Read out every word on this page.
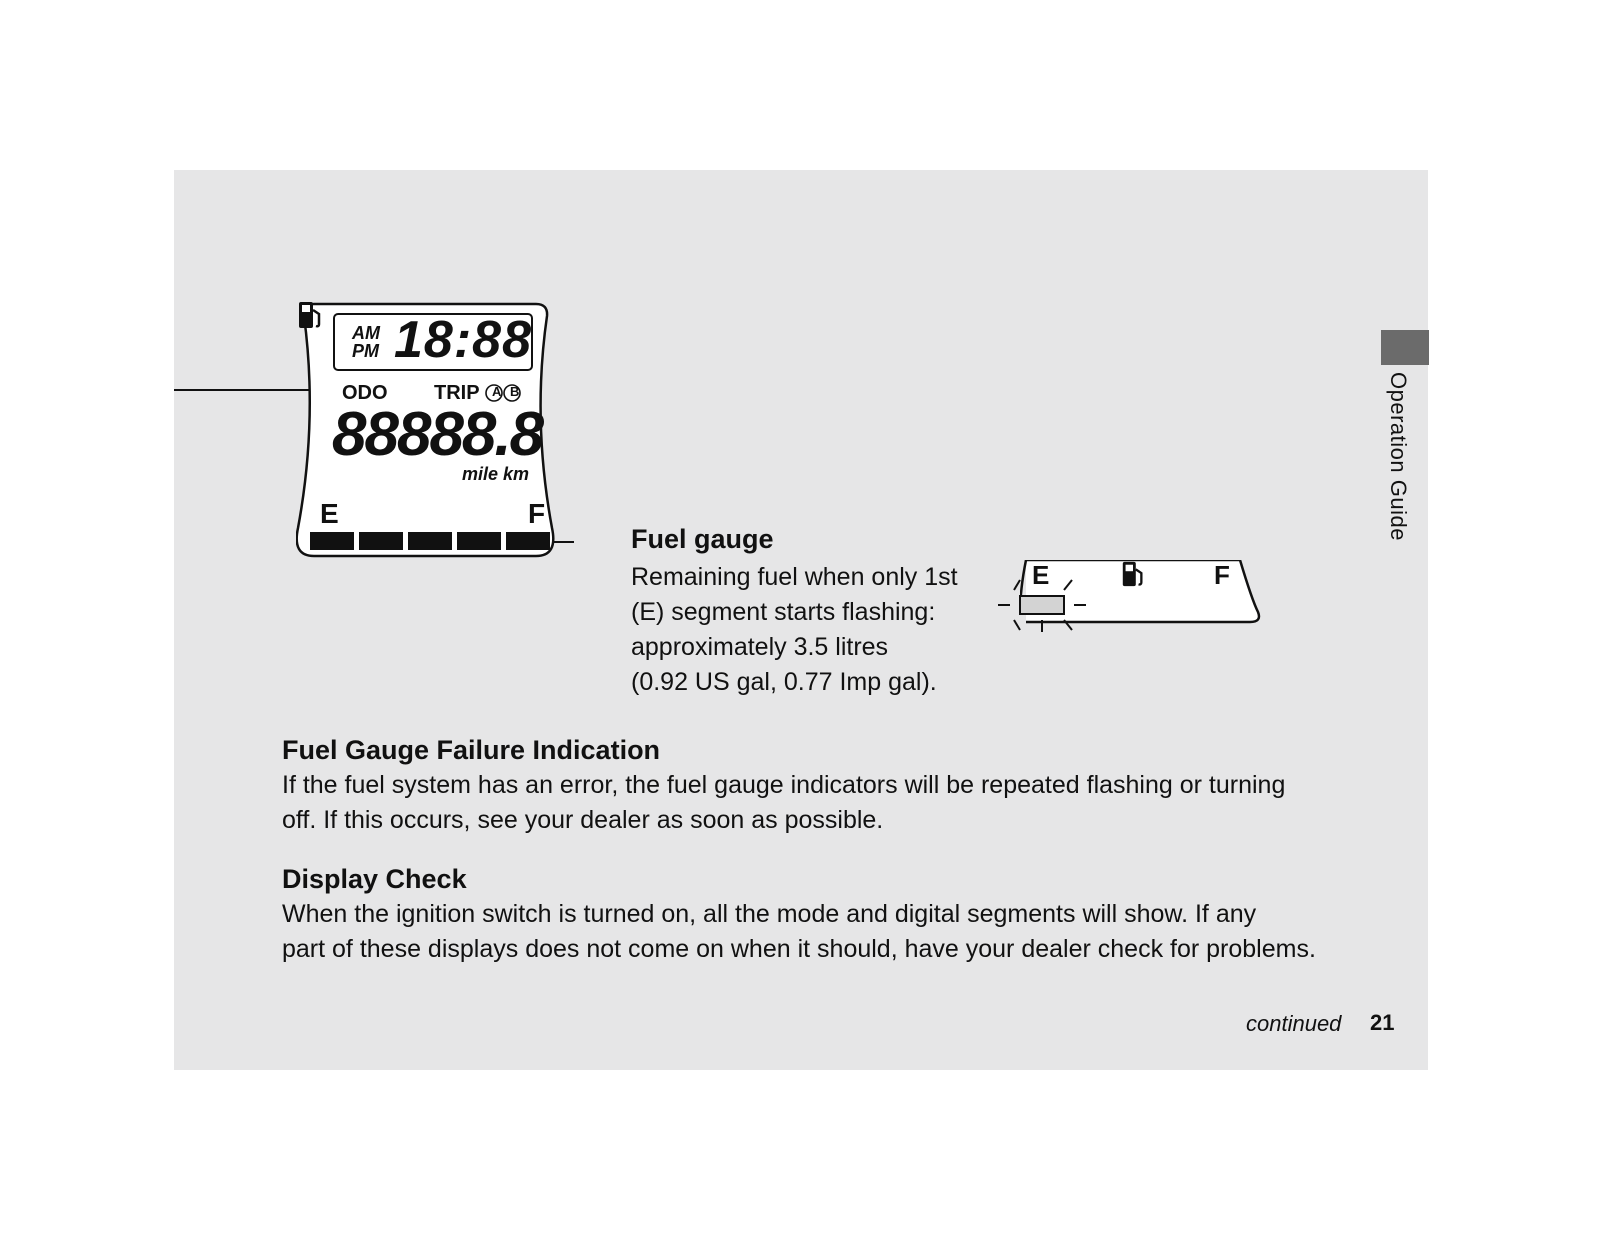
Operation Guide
AM
PM 18:88
ODO TRIP A B
88888.8
mile km
E	F
Fuel gauge
Remaining fuel when only 1st
(E) segment starts flashing:
approximately 3.5 litres
(0.92 US gal, 0.77 Imp gal).
E	F
Fuel Gauge Failure Indication
If the fuel system has an error, the fuel gauge indicators will be repeated flashing or turning
off. If this occurs, see your dealer as soon as possible.
Display Check
When the ignition switch is turned on, all the mode and digital segments will show. If any
part of these displays does not come on when it should, have your dealer check for problems.
continued 21
